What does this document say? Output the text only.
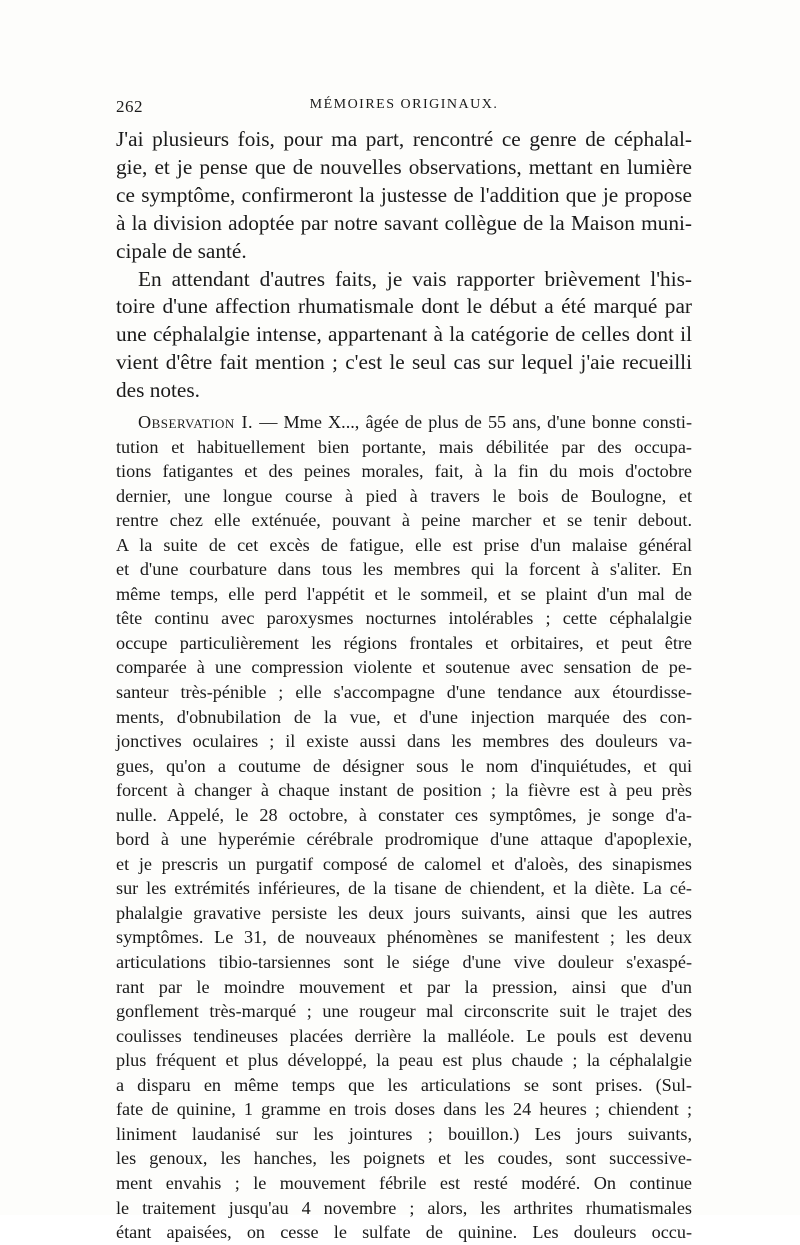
262	MÉMOIRES ORIGINAUX.

J'ai plusieurs fois, pour ma part, rencontré ce genre de céphalal-
gie, et je pense que de nouvelles observations, mettant en lumière
ce symptôme, confirmeront la justesse de l'addition que je propose
à la division adoptée par notre savant collègue de la Maison muni-
cipale de santé.

En attendant d'autres faits, je vais rapporter brièvement l'his-
toire d'une affection rhumatismale dont le début a été marqué par
une céphalalgie intense, appartenant à la catégorie de celles dont il
vient d'être fait mention ; c'est le seul cas sur lequel j'aie recueilli
des notes.

Observation I. — Mme X..., âgée de plus de 55 ans, d'une bonne consti-
tution et habituellement bien portante, mais débilitée par des occupa-
tions fatigantes et des peines morales, fait, à la fin du mois d'octobre
dernier, une longue course à pied à travers le bois de Boulogne, et
rentre chez elle exténuée, pouvant à peine marcher et se tenir debout.
A la suite de cet excès de fatigue, elle est prise d'un malaise général
et d'une courbature dans tous les membres qui la forcent à s'aliter. En
même temps, elle perd l'appétit et le sommeil, et se plaint d'un mal de
tête continu avec paroxysmes nocturnes intolérables ; cette céphalalgie
occupe particulièrement les régions frontales et orbitaires, et peut être
comparée à une compression violente et soutenue avec sensation de pe-
santeur très-pénible ; elle s'accompagne d'une tendance aux étourdisse-
ments, d'obnubilation de la vue, et d'une injection marquée des con-
jonctives oculaires ; il existe aussi dans les membres des douleurs va-
gues, qu'on a coutume de désigner sous le nom d'inquiétudes, et qui
forcent à changer à chaque instant de position ; la fièvre est à peu près
nulle. Appelé, le 28 octobre, à constater ces symptômes, je songe d'a-
bord à une hyperémie cérébrale prodromique d'une attaque d'apoplexie,
et je prescris un purgatif composé de calomel et d'aloès, des sinapismes
sur les extrémités inférieures, de la tisane de chiendent, et la diète. La cé-
phalalgie gravative persiste les deux jours suivants, ainsi que les autres
symptômes. Le 31, de nouveaux phénomènes se manifestent ; les deux
articulations tibio-tarsiennes sont le siége d'une vive douleur s'exaspé-
rant par le moindre mouvement et par la pression, ainsi que d'un
gonflement très-marqué ; une rougeur mal circonscrite suit le trajet des
coulisses tendineuses placées derrière la malléole. Le pouls est devenu
plus fréquent et plus développé, la peau est plus chaude ; la céphalalgie
a disparu en même temps que les articulations se sont prises. (Sul-
fate de quinine, 1 gramme en trois doses dans les 24 heures ; chiendent ;
liniment laudanisé sur les jointures ; bouillon.) Les jours suivants,
les genoux, les hanches, les poignets et les coudes, sont successive-
ment envahis ; le mouvement fébrile est resté modéré. On continue
le traitement jusqu'au 4 novembre ; alors, les arthrites rhumatismales
étant apaisées, on cesse le sulfate de quinine. Les douleurs occu-
